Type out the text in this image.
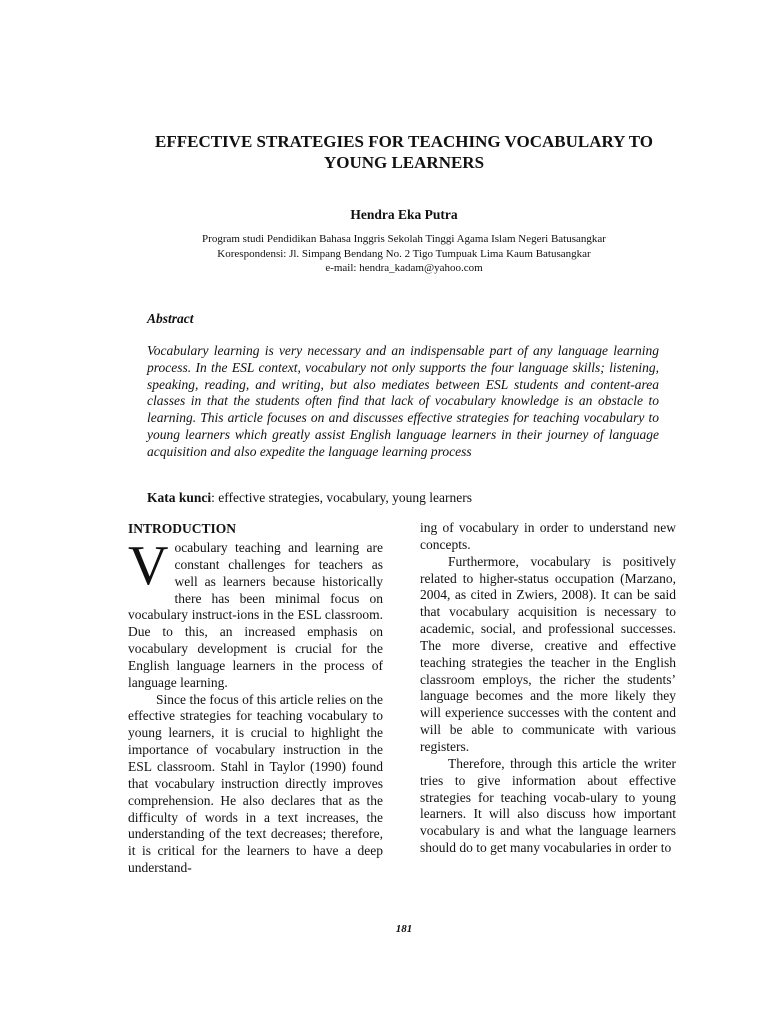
EFFECTIVE STRATEGIES FOR TEACHING VOCABULARY TO
YOUNG LEARNERS
Hendra Eka Putra
Program studi Pendidikan Bahasa Inggris Sekolah Tinggi Agama Islam Negeri Batusangkar
Korespondensi: Jl. Simpang Bendang No. 2 Tigo Tumpuak Lima Kaum Batusangkar
e-mail: hendra_kadam@yahoo.com
Abstract
Vocabulary learning is very necessary and an indispensable part of any language learning process. In the ESL context, vocabulary not only supports the four language skills; listening, speaking, reading, and writing, but also mediates between ESL students and content-area classes in that the students often find that lack of vocabulary knowledge is an obstacle to learning. This article focuses on and discusses effective strategies for teaching vocabulary to young learners which greatly assist English language learners in their journey of language acquisition and also expedite the language learning process
Kata kunci: effective strategies, vocabulary, young learners
INTRODUCTION

Vocabulary teaching and learning are constant challenges for teachers as well as learners because historically there has been minimal focus on vocabulary instruct-ions in the ESL classroom. Due to this, an increased emphasis on vocabulary development is crucial for the English language learners in the process of language learning.

Since the focus of this article relies on the effective strategies for teaching vocabulary to young learners, it is crucial to highlight the importance of vocabulary instruction in the ESL classroom. Stahl in Taylor (1990) found that vocabulary instruction directly improves comprehension. He also declares that as the difficulty of words in a text increases, the understanding of the text decreases; therefore, it is critical for the learners to have a deep understand-

ing of vocabulary in order to understand new concepts.

Furthermore, vocabulary is positively related to higher-status occupation (Marzano, 2004, as cited in Zwiers, 2008). It can be said that vocabulary acquisition is necessary to academic, social, and professional successes. The more diverse, creative and effective teaching strategies the teacher in the English classroom employs, the richer the students’ language becomes and the more likely they will experience successes with the content and will be able to communicate with various registers.

Therefore, through this article the writer tries to give information about effective strategies for teaching vocab-ulary to young learners. It will also discuss how important vocabulary is and what the language learners should do to get many vocabularies in order to

181
